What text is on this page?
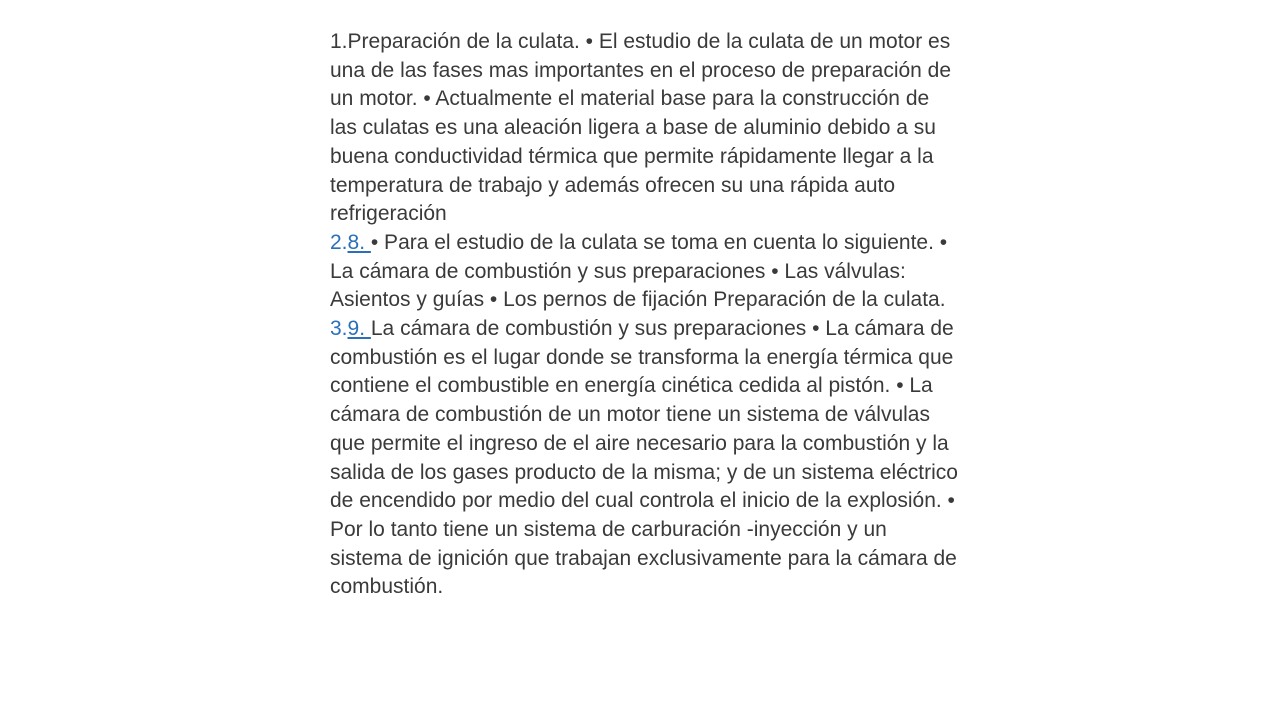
1.Preparación de la culata. • El estudio de la culata de un motor es una de las fases mas importantes en el proceso de preparación de un motor. • Actualmente el material base para la construcción de las culatas es una aleación ligera a base de aluminio debido a su buena conductividad térmica que permite rápidamente llegar a la temperatura de trabajo y además ofrecen su una rápida auto refrigeración

2.8. • Para el estudio de la culata se toma en cuenta lo siguiente. • La cámara de combustión y sus preparaciones • Las válvulas: Asientos y guías • Los pernos de fijación Preparación de la culata.

3.9. La cámara de combustión y sus preparaciones • La cámara de combustión es el lugar donde se transforma la energía térmica que contiene el combustible en energía cinética cedida al pistón. • La cámara de combustión de un motor tiene un sistema de válvulas que permite el ingreso de el aire necesario para la combustión y la salida de los gases producto de la misma; y de un sistema eléctrico de encendido por medio del cual controla el inicio de la explosión. • Por lo tanto tiene un sistema de carburación -inyección y un sistema de ignición que trabajan exclusivamente para la cámara de combustión.
